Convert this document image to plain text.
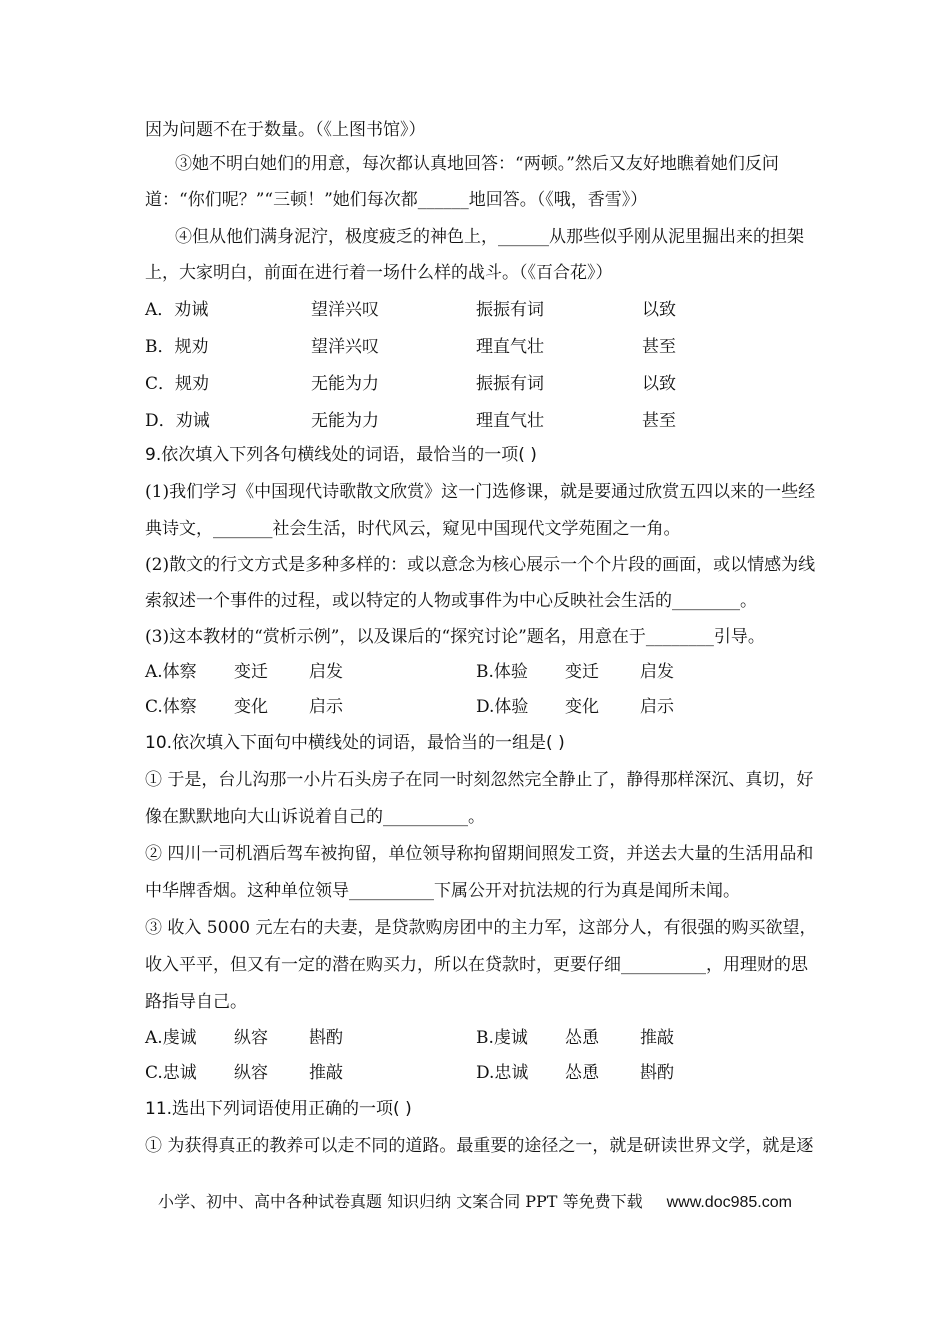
因为问题不在于数量。（《上图书馆》）
③她不明白她们的用意，每次都认真地回答：“两顿。”然后又友好地瞧着她们反问
道：“你们呢？”“三顿！”她们每次都______地回答。（《哦，香雪》）
④但从他们满身泥泞，极度疲乏的神色上，______从那些似乎刚从泥里掘出来的担架
上，大家明白，前面在进行着一场什么样的战斗。（《百合花》）
A．劝诫	望洋兴叹	振振有词	以致
B．规劝	望洋兴叹	理直气壮	甚至
C．规劝	无能为力	振振有词	以致
D．劝诫	无能为力	理直气壮	甚至
9.依次填入下列各句横线处的词语，最恰当的一项( )
(1)我们学习《中国现代诗歌散文欣赏》这一门选修课，就是要通过欣赏五四以来的一些经
典诗文，_______社会生活，时代风云，窥见中国现代文学苑囿之一角。
(2)散文的行文方式是多种多样的：或以意念为核心展示一个个片段的画面，或以情感为线
索叙述一个事件的过程，或以特定的人物或事件为中心反映社会生活的________。
(3)这本教材的“赏析示例”，以及课后的“探究讨论”题名，用意在于________引导。
A.体察 变迁 启发	B.体验 变迁 启发
C.体察 变化 启示	D.体验 变化 启示
10.依次填入下面句中横线处的词语，最恰当的一组是( )
① 于是，台儿沟那一小片石头房子在同一时刻忽然完全静止了，静得那样深沉、真切，好
像在默默地向大山诉说着自己的__________。
② 四川一司机酒后驾车被拘留，单位领导称拘留期间照发工资，并送去大量的生活用品和
中华牌香烟。这种单位领导__________下属公开对抗法规的行为真是闻所未闻。
③ 收入 5000 元左右的夫妻，是贷款购房团中的主力军，这部分人，有很强的购买欲望，
收入平平，但又有一定的潜在购买力，所以在贷款时，更要仔细__________，用理财的思
路指导自己。
A.虔诚 纵容 斟酌	B.虔诚 怂恿 推敲
C.忠诚 纵容 推敲	D.忠诚 怂恿 斟酌
11.选出下列词语使用正确的一项( )
① 为获得真正的教养可以走不同的道路。最重要的途径之一，就是研读世界文学，就是逐
小学、初中、高中各种试卷真题 知识归纳 文案合同 PPT 等免费下载 www.doc985.com
